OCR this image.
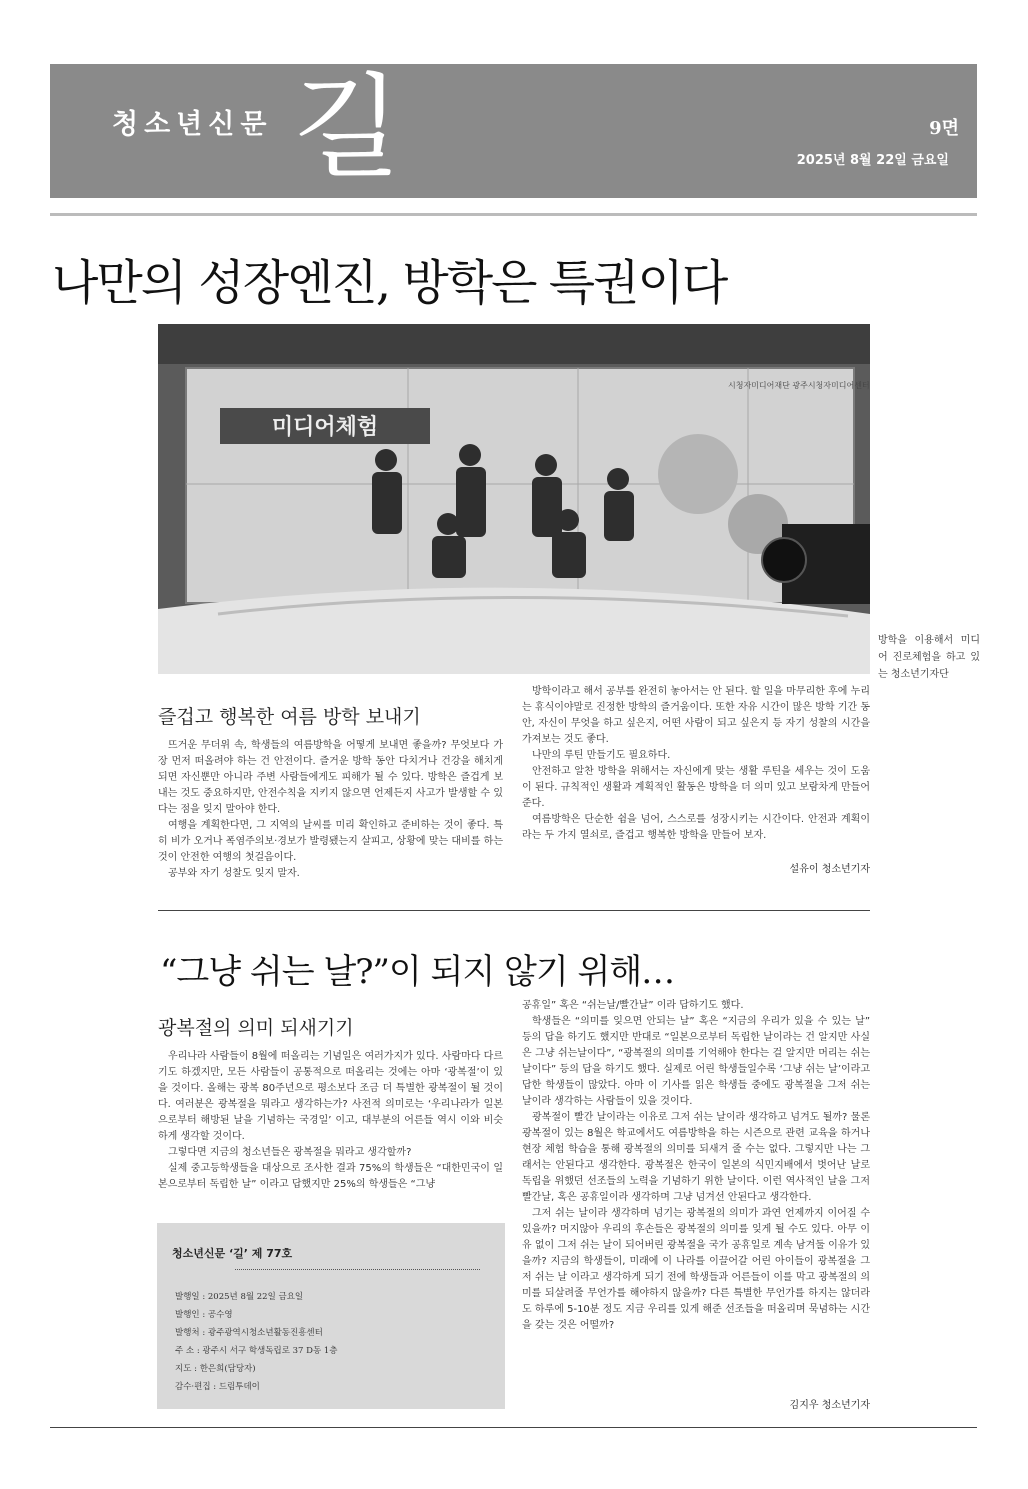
청소년신문 길	9면
2025년 8월 22일 금요일
나만의 성장엔진, 방학은 특권이다
미디어체험
시청자미디어재단 광주시청자미디어센터
방학을 이용해서 미디어 진로체험을 하고 있는 청소년기자단
즐겁고 행복한 여름 방학 보내기

뜨거운 무더위 속, 학생들의 여름방학을 어떻게 보내면 좋을까? 무엇보다 가장 먼저 떠올려야 하는 건 안전이다. 즐거운 방학 동안 다치거나 건강을 해치게 되면 자신뿐만 아니라 주변 사람들에게도 피해가 될 수 있다. 방학은 즐겁게 보내는 것도 중요하지만, 안전수칙을 지키지 않으면 언제든지 사고가 발생할 수 있다는 점을 잊지 말아야 한다.

여행을 계획한다면, 그 지역의 날씨를 미리 확인하고 준비하는 것이 좋다. 특히 비가 오거나 폭염주의보·경보가 발령됐는지 살피고, 상황에 맞는 대비를 하는 것이 안전한 여행의 첫걸음이다.

공부와 자기 성찰도 잊지 말자.

방학이라고 해서 공부를 완전히 놓아서는 안 된다. 할 일을 마무리한 후에 누리는 휴식이야말로 진정한 방학의 즐거움이다. 또한 자유 시간이 많은 방학 기간 동안, 자신이 무엇을 하고 싶은지, 어떤 사람이 되고 싶은지 등 자기 성찰의 시간을 가져보는 것도 좋다.

나만의 루틴 만들기도 필요하다.

안전하고 알찬 방학을 위해서는 자신에게 맞는 생활 루틴을 세우는 것이 도움이 된다. 규칙적인 생활과 계획적인 활동은 방학을 더 의미 있고 보람차게 만들어 준다.

여름방학은 단순한 쉼을 넘어, 스스로를 성장시키는 시간이다. 안전과 계획이라는 두 가지 열쇠로, 즐겁고 행복한 방학을 만들어 보자.

설유이 청소년기자
“그냥 쉬는 날?”이 되지 않기 위해…
광복절의 의미 되새기기

우리나라 사람들이 8월에 떠올리는 기념일은 여러가지가 있다. 사람마다 다르기도 하겠지만, 모든 사람들이 공통적으로 떠올리는 것에는 아마 ‘광복절’이 있을 것이다. 올해는 광복 80주년으로 평소보다 조금 더 특별한 광복절이 될 것이다. 여러분은 광복절을 뭐라고 생각하는가? 사전적 의미로는 ‘우리나라가 일본으로부터 해방된 날을 기념하는 국경일’ 이고, 대부분의 어른들 역시 이와 비슷하게 생각할 것이다.

그렇다면 지금의 청소년들은 광복절을 뭐라고 생각할까?

실제 중고등학생들을 대상으로 조사한 결과 75%의 학생들은 “대한민국이 일본으로부터 독립한 날” 이라고 답했지만 25%의 학생들은 “그냥

공휴일” 혹은 “쉬는날/빨간날” 이라 답하기도 했다.

학생들은 “의미를 잊으면 안되는 날” 혹은 “지금의 우리가 있을 수 있는 날” 등의 답을 하기도 했지만 반대로 “일본으로부터 독립한 날이라는 건 알지만 사실은 그냥 쉬는날이다”, “광복절의 의미를 기억해야 한다는 걸 알지만 머리는 쉬는 날이다” 등의 답을 하기도 했다. 실제로 어린 학생들일수록 ‘그냥 쉬는 날’이라고 답한 학생들이 많았다. 아마 이 기사를 읽은 학생들 중에도 광복절을 그저 쉬는 날이라 생각하는 사람들이 있을 것이다.

광복절이 빨간 날이라는 이유로 그저 쉬는 날이라 생각하고 넘겨도 될까? 물론 광복절이 있는 8월은 학교에서도 여름방학을 하는 시즌으로 관련 교육을 하거나 현장 체험 학습을 통해 광복절의 의미를 되새겨 줄 수는 없다. 그렇지만 나는 그래서는 안된다고 생각한다. 광복절은 한국이 일본의 식민지배에서 벗어난 날로 독립을 위했던 선조들의 노력을 기념하기 위한 날이다. 이런 역사적인 날을 그저 빨간날, 혹은 공휴일이라 생각하며 그냥 넘겨선 안된다고 생각한다.

그저 쉬는 날이라 생각하며 넘기는 광복절의 의미가 과연 언제까지 이어질 수 있을까? 머지않아 우리의 후손들은 광복절의 의미를 잊게 될 수도 있다. 아무 이유 없이 그저 쉬는 날이 되어버린 광복절을 국가 공휴일로 계속 남겨둘 이유가 있을까? 지금의 학생들이, 미래에 이 나라를 이끌어갈 어린 아이들이 광복절을 그저 쉬는 날 이라고 생각하게 되기 전에 학생들과 어른들이 이를 막고 광복절의 의미를 되살려줄 무언가를 해야하지 않을까? 다른 특별한 무언가를 하지는 않더라도 하루에 5-10분 정도 지금 우리를 있게 해준 선조들을 떠올리며 묵념하는 시간을 갖는 것은 어떨까?

김지우 청소년기자
청소년신문 ‘길’ 제 77호
발행일 : 2025년 8월 22일 금요일
발행인 : 공수영
발행처 : 광주광역시청소년활동진흥센터
주 소 : 광주시 서구 학생독립로 37 D동 1층
지도 : 한은희(담당자)
감수·편집 : 드림투데이
